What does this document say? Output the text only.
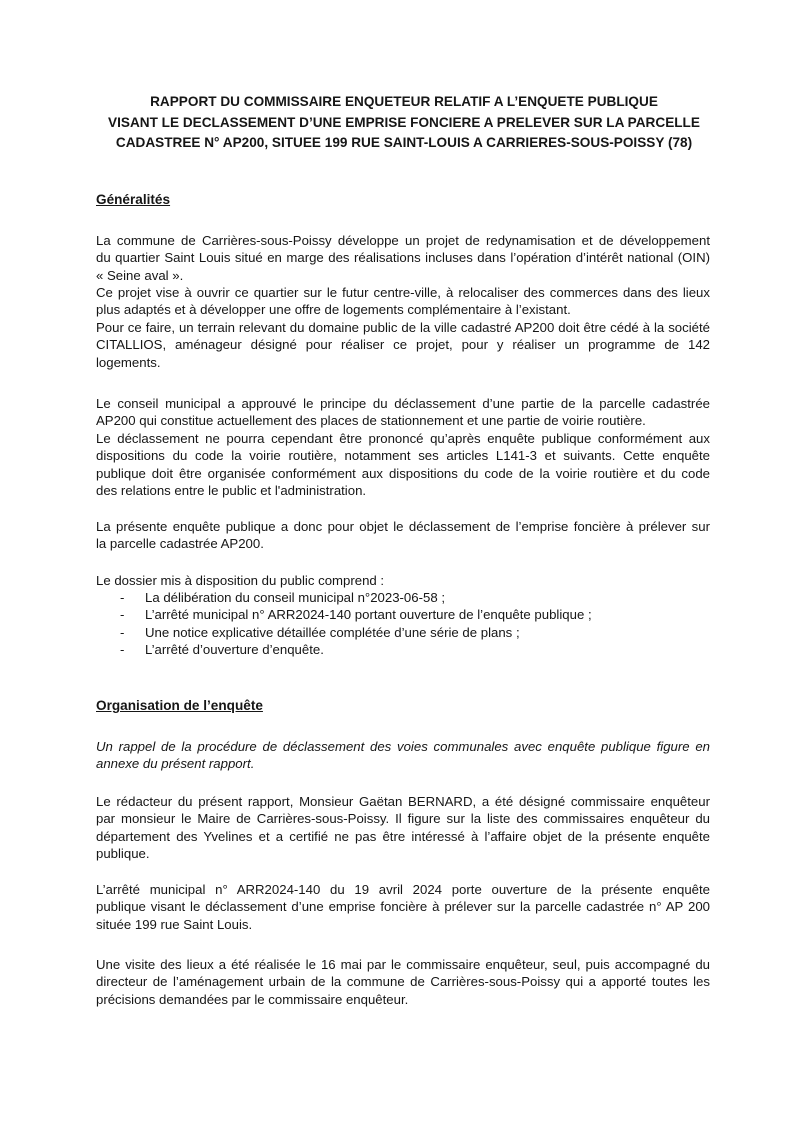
RAPPORT DU COMMISSAIRE ENQUETEUR RELATIF A L’ENQUETE PUBLIQUE
VISANT LE DECLASSEMENT D’UNE EMPRISE FONCIERE A PRELEVER SUR LA PARCELLE
CADASTREE N° AP200, SITUEE 199 RUE SAINT-LOUIS A CARRIERES-SOUS-POISSY (78)
Généralités

La commune de Carrières-sous-Poissy développe un projet de redynamisation et de développement
du quartier Saint Louis situé en marge des réalisations incluses dans l’opération d’intérêt national (OIN)
« Seine aval ».

Ce projet vise à ouvrir ce quartier sur le futur centre-ville, à relocaliser des commerces dans des lieux
plus adaptés et à développer une offre de logements complémentaire à l’existant.

Pour ce faire, un terrain relevant du domaine public de la ville cadastré AP200 doit être cédé à la société
CITALLIOS, aménageur désigné pour réaliser ce projet, pour y réaliser un programme de 142
logements.

Le conseil municipal a approuvé le principe du déclassement d’une partie de la parcelle cadastrée
AP200 qui constitue actuellement des places de stationnement et une partie de voirie routière.

Le déclassement ne pourra cependant être prononcé qu’après enquête publique conformément aux
dispositions du code la voirie routière, notamment ses articles L141-3 et suivants. Cette enquête
publique doit être organisée conformément aux dispositions du code de la voirie routière et du code
des relations entre le public et l'administration.

La présente enquête publique a donc pour objet le déclassement de l’emprise foncière à prélever sur
la parcelle cadastrée AP200.

Le dossier mis à disposition du public comprend :

- La délibération du conseil municipal n°2023-06-58 ;
- L’arrêté municipal n° ARR2024-140 portant ouverture de l’enquête publique ;
- Une notice explicative détaillée complétée d’une série de plans ;
- L’arrêté d’ouverture d’enquête.
Organisation de l’enquête

Un rappel de la procédure de déclassement des voies communales avec enquête publique figure en
annexe du présent rapport.

Le rédacteur du présent rapport, Monsieur Gaëtan BERNARD, a été désigné commissaire enquêteur
par monsieur le Maire de Carrières-sous-Poissy. Il figure sur la liste des commissaires enquêteur du
département des Yvelines et a certifié ne pas être intéressé à l’affaire objet de la présente enquête
publique.

L’arrêté municipal n° ARR2024-140 du 19 avril 2024 porte ouverture de la présente enquête
publique visant le déclassement d’une emprise foncière à prélever sur la parcelle cadastrée n° AP 200
située 199 rue Saint Louis.

Une visite des lieux a été réalisée le 16 mai par le commissaire enquêteur, seul, puis accompagné du
directeur de l’aménagement urbain de la commune de Carrières-sous-Poissy qui a apporté toutes les
précisions demandées par le commissaire enquêteur.
